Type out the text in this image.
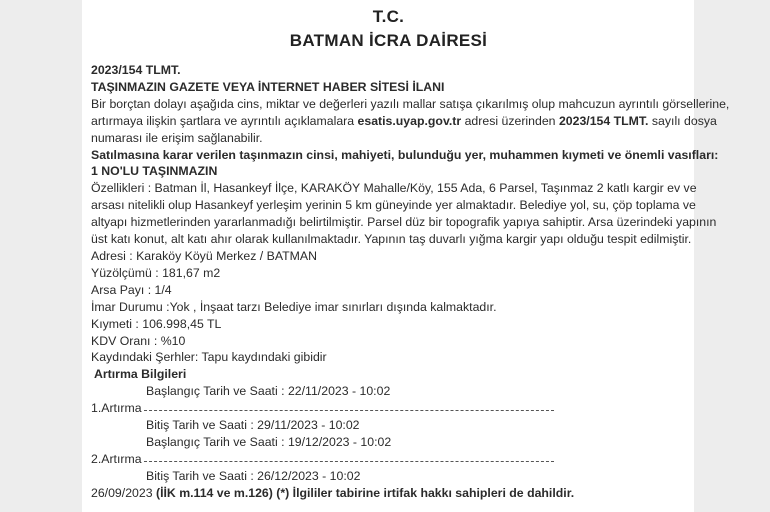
T.C.
BATMAN İCRA DAİRESİ
2023/154 TLMT.
TAŞINMAZIN GAZETE VEYA İNTERNET HABER SİTESİ İLANI
Bir borçtan dolayı aşağıda cins, miktar ve değerleri yazılı mallar satışa çıkarılmış olup mahcuzun ayrıntılı görsellerine,
artırmaya ilişkin şartlara ve ayrıntılı açıklamalara esatis.uyap.gov.tr adresi üzerinden 2023/154 TLMT. sayılı dosya
numarası ile erişim sağlanabilir.
Satılmasına karar verilen taşınmazın cinsi, mahiyeti, bulunduğu yer, muhammen kıymeti ve önemli vasıfları:
1 NO'LU TAŞINMAZIN
Özellikleri : Batman İl, Hasankeyf İlçe, KARAKÖY Mahalle/Köy, 155 Ada, 6 Parsel, Taşınmaz 2 katlı kargir ev ve
arsası nitelikli olup Hasankeyf yerleşim yerinin 5 km güneyinde yer almaktadır. Belediye yol, su, çöp toplama ve
altyapı hizmetlerinden yararlanmadığı belirtilmiştir. Parsel düz bir topografik yapıya sahiptir. Arsa üzerindeki yapının
üst katı konut, alt katı ahır olarak kullanılmaktadır. Yapının taş duvarlı yığma kargir yapı olduğu tespit edilmiştir.
Adresi : Karaköy Köyü Merkez / BATMAN
Yüzölçümü : 181,67 m2
Arsa Payı : 1/4
İmar Durumu :Yok , İnşaat tarzı Belediye imar sınırları dışında kalmaktadır.
Kıymeti : 106.998,45 TL
KDV Oranı : %10
Kaydındaki Şerhler: Tapu kaydındaki gibidir
Artırma Bilgileri
Başlangıç Tarih ve Saati : 22/11/2023 - 10:02
1.Artırma
Bitiş Tarih ve Saati : 29/11/2023 - 10:02
Başlangıç Tarih ve Saati : 19/12/2023 - 10:02
2.Artırma
Bitiş Tarih ve Saati : 26/12/2023 - 10:02
26/09/2023 (İİK m.114 ve m.126) (*) İlgililer tabirine irtifak hakkı sahipleri de dahildir.
